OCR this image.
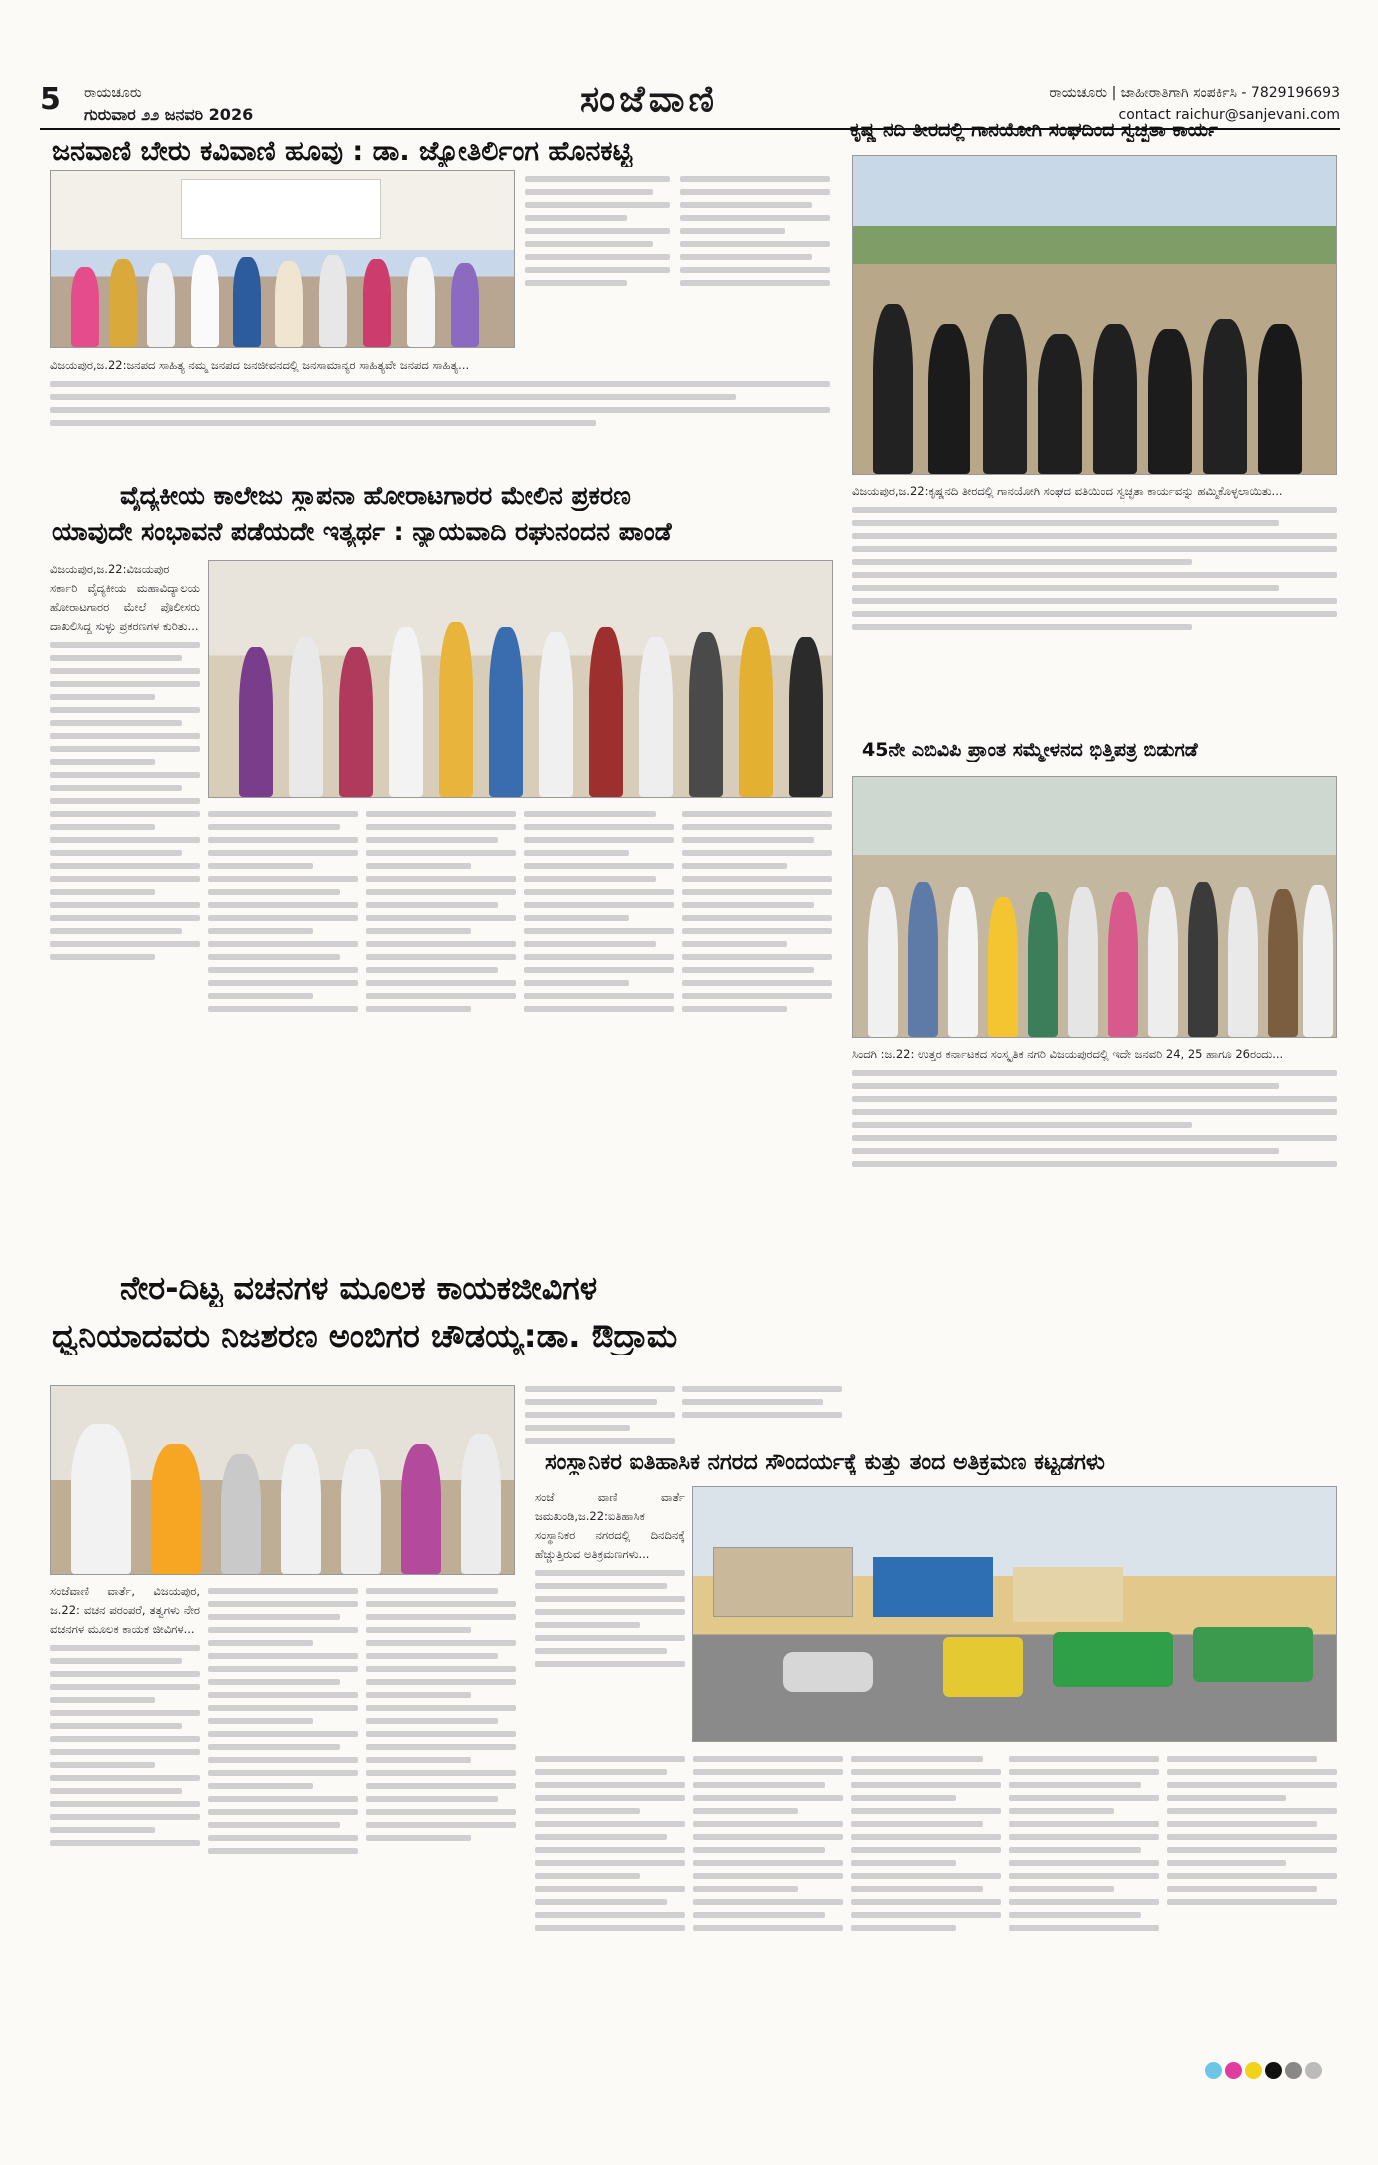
5 ರಾಯಚೂರು
ಗುರುವಾರ ೨೨ ಜನವರಿ 2026	ಸಂಜೆವಾಣಿ	ರಾಯಚೂರು | ಜಾಹೀರಾತಿಗಾಗಿ ಸಂಪರ್ಕಿಸಿ - 7829196693
contact raichur@sanjevani.com
ಜನವಾಣಿ ಬೇರು ಕವಿವಾಣಿ ಹೂವು : ಡಾ. ಜ್ಯೋತಿರ್ಲಿಂಗ ಹೊನಕಟ್ಟಿ
ವಿಜಯಪುರ,ಜ.22:ಜನಪದ ಸಾಹಿತ್ಯ ನಮ್ಮ ಜನಪದ ಜನಜೀವನದಲ್ಲಿ ಜನಸಾಮಾನ್ಯರ ಸಾಹಿತ್ಯವೇ ಜನಪದ ಸಾಹಿತ್ಯ...
ಕೃಷ್ಣ ನದಿ ತೀರದಲ್ಲಿ ಗಾನಯೋಗಿ ಸಂಘದಿಂದ ಸ್ವಚ್ಛತಾ ಕಾರ್ಯ
ವಿಜಯಪುರ,ಜ.22:ಕೃಷ್ಣನದಿ ತೀರದಲ್ಲಿ ಗಾನಯೋಗಿ ಸಂಘದ ವತಿಯಿಂದ ಸ್ವಚ್ಛತಾ ಕಾರ್ಯವನ್ನು ಹಮ್ಮಿಕೊಳ್ಳಲಾಯಿತು...
ವೈದ್ಯಕೀಯ ಕಾಲೇಜು ಸ್ಥಾಪನಾ ಹೋರಾಟಗಾರರ ಮೇಲಿನ ಪ್ರಕರಣ
ಯಾವುದೇ ಸಂಭಾವನೆ ಪಡೆಯದೇ ಇತ್ಯರ್ಥ : ನ್ಯಾಯವಾದಿ ರಘುನಂದನ ಪಾಂಡೆ
ವಿಜಯಪುರ,ಜ.22:ವಿಜಯಪುರ ಸರ್ಕಾರಿ ವೈದ್ಯಕೀಯ ಮಹಾವಿದ್ಯಾಲಯ ಹೋರಾಟಗಾರರ ಮೇಲೆ ಪೊಲೀಸರು ದಾಖಲಿಸಿದ್ದ ಸುಳ್ಳು ಪ್ರಕರಣಗಳ ಕುರಿತು...
45ನೇ ಎಬಿವಿಪಿ ಪ್ರಾಂತ ಸಮ್ಮೇಳನದ ಭಿತ್ತಿಪತ್ರ ಬಿಡುಗಡೆ
ಸಿಂದಗಿ :ಜ.22: ಉತ್ತರ ಕರ್ನಾಟಕದ ಸಂಸ್ಕೃತಿಕ ನಗರಿ ವಿಜಯಪುರದಲ್ಲಿ ಇದೇ ಜನವರಿ 24, 25 ಹಾಗೂ 26ರಂದು...
ನೇರ-ದಿಟ್ಟ ವಚನಗಳ ಮೂಲಕ ಕಾಯಕಜೀವಿಗಳ
ಧ್ವನಿಯಾದವರು ನಿಜಶರಣ ಅಂಬಿಗರ ಚೌಡಯ್ಯ:ಡಾ. ಔದ್ರಾಮ
ಸಂಜೆವಾಣಿ ವಾರ್ತೆ, ವಿಜಯಪುರ, ಜ.22: ವಚನ ಪರಂಪರೆ, ತತ್ವಗಳು ನೇರ ವಚನಗಳ ಮೂಲಕ ಕಾಯಕ ಜೀವಿಗಳ...
ಸಂಸ್ಥಾನಿಕರ ಐತಿಹಾಸಿಕ ನಗರದ ಸೌಂದರ್ಯಕ್ಕೆ ಕುತ್ತು ತಂದ ಅತಿಕ್ರಮಣ ಕಟ್ಟಡಗಳು
ಸಂಜೆ ವಾಣಿ ವಾರ್ತೆ ಜಮಖಂಡಿ,ಜ.22:ಐತಿಹಾಸಿಕ ಸಂಸ್ಥಾನಿಕರ ನಗರದಲ್ಲಿ ದಿನದಿನಕ್ಕೆ ಹೆಚ್ಚುತ್ತಿರುವ ಅತಿಕ್ರಮಣಗಳು...
